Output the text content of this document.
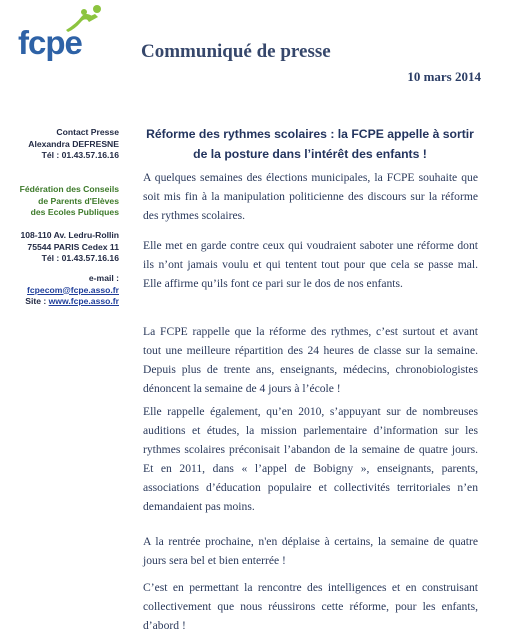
fcpe	Communiqué de presse
10 mars 2014
Contact Presse
Alexandra DEFRESNE
Tél : 01.43.57.16.16
Fédération des Conseils
de Parents d'Elèves
des Ecoles Publiques
108-110 Av. Ledru-Rollin
75544 PARIS Cedex 11
Tél : 01.43.57.16.16
e-mail :
fcpecom@fcpe.asso.fr
Site : www.fcpe.asso.fr
Réforme des rythmes scolaires : la FCPE appelle à sortir
de la posture dans l’intérêt des enfants !

A quelques semaines des élections municipales, la FCPE souhaite que soit mis fin à la manipulation politicienne des discours sur la réforme des rythmes scolaires.

Elle met en garde contre ceux qui voudraient saboter une réforme dont ils n’ont jamais voulu et qui tentent tout pour que cela se passe mal. Elle affirme qu’ils font ce pari sur le dos de nos enfants.

La FCPE rappelle que la réforme des rythmes, c’est surtout et avant tout une meilleure répartition des 24 heures de classe sur la semaine. Depuis plus de trente ans, enseignants, médecins, chronobiologistes dénoncent la semaine de 4 jours à l’école !

Elle rappelle également, qu’en 2010, s’appuyant sur de nombreuses auditions et études, la mission parlementaire d’information sur les rythmes scolaires préconisait l’abandon de la semaine de quatre jours. Et en 2011, dans « l’appel de Bobigny », enseignants, parents, associations d’éducation populaire et collectivités territoriales n’en demandaient pas moins.

A la rentrée prochaine, n'en déplaise à certains, la semaine de quatre jours sera bel et bien enterrée !

C’est en permettant la rencontre des intelligences et en construisant collectivement que nous réussirons cette réforme, pour les enfants, d’abord !
